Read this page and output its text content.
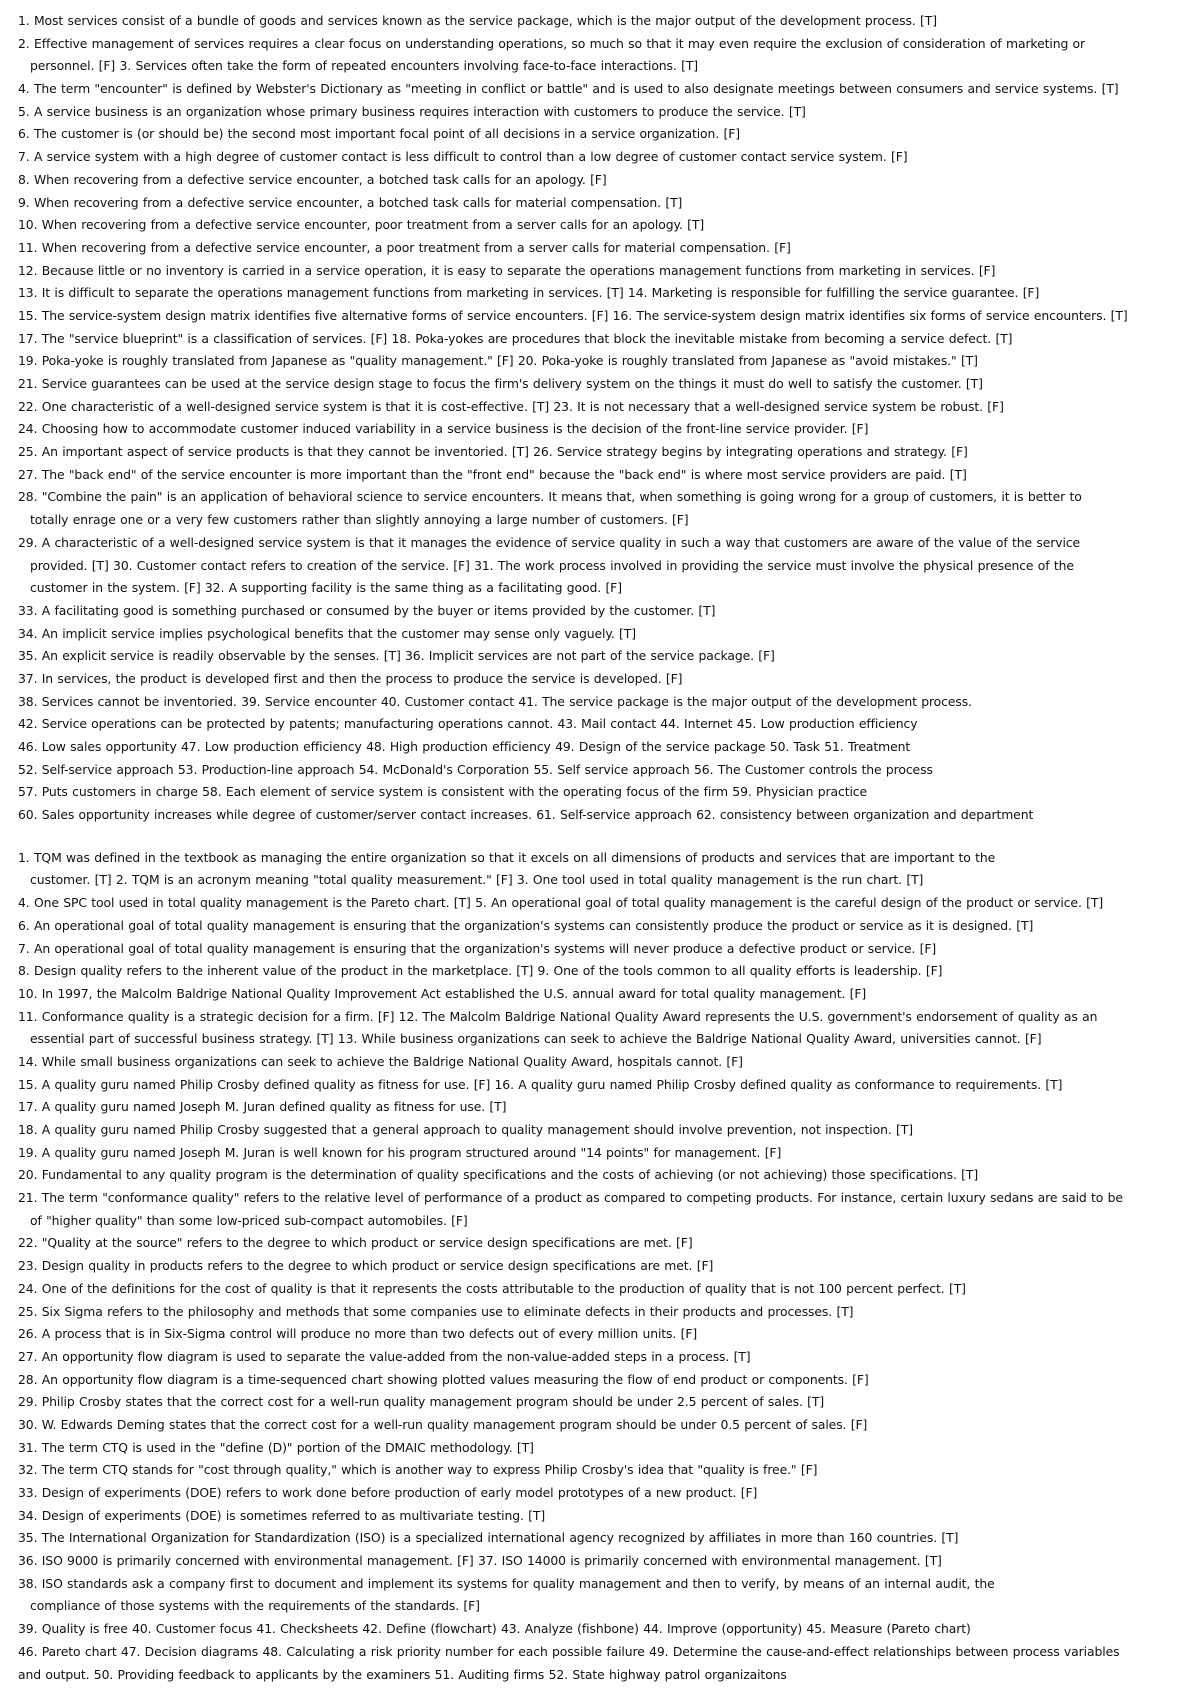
1. Most services consist of a bundle of goods and services known as the service package, which is the major output of the development process. [T]
2. Effective management of services requires a clear focus on understanding operations, so much so that it may even require the exclusion of consideration of marketing or
personnel. [F] 3. Services often take the form of repeated encounters involving face-to-face interactions. [T]
4. The term "encounter" is defined by Webster's Dictionary as "meeting in conflict or battle" and is used to also designate meetings between consumers and service systems. [T]
5. A service business is an organization whose primary business requires interaction with customers to produce the service. [T]
6. The customer is (or should be) the second most important focal point of all decisions in a service organization. [F]
7. A service system with a high degree of customer contact is less difficult to control than a low degree of customer contact service system. [F]
8. When recovering from a defective service encounter, a botched task calls for an apology. [F]
9. When recovering from a defective service encounter, a botched task calls for material compensation. [T]
10. When recovering from a defective service encounter, poor treatment from a server calls for an apology. [T]
11. When recovering from a defective service encounter, a poor treatment from a server calls for material compensation. [F]
12. Because little or no inventory is carried in a service operation, it is easy to separate the operations management functions from marketing in services. [F]
13. It is difficult to separate the operations management functions from marketing in services. [T] 14. Marketing is responsible for fulfilling the service guarantee. [F]
15. The service-system design matrix identifies five alternative forms of service encounters. [F] 16. The service-system design matrix identifies six forms of service encounters. [T]
17. The "service blueprint" is a classification of services. [F] 18. Poka-yokes are procedures that block the inevitable mistake from becoming a service defect. [T]
19. Poka-yoke is roughly translated from Japanese as "quality management." [F] 20. Poka-yoke is roughly translated from Japanese as "avoid mistakes." [T]
21. Service guarantees can be used at the service design stage to focus the firm's delivery system on the things it must do well to satisfy the customer. [T]
22. One characteristic of a well-designed service system is that it is cost-effective. [T] 23. It is not necessary that a well-designed service system be robust. [F]
24. Choosing how to accommodate customer induced variability in a service business is the decision of the front-line service provider. [F]
25. An important aspect of service products is that they cannot be inventoried. [T] 26. Service strategy begins by integrating operations and strategy. [F]
27. The "back end" of the service encounter is more important than the "front end" because the "back end" is where most service providers are paid. [T]
28. "Combine the pain" is an application of behavioral science to service encounters. It means that, when something is going wrong for a group of customers, it is better to
totally enrage one or a very few customers rather than slightly annoying a large number of customers. [F]
29. A characteristic of a well-designed service system is that it manages the evidence of service quality in such a way that customers are aware of the value of the service
provided. [T] 30. Customer contact refers to creation of the service. [F] 31. The work process involved in providing the service must involve the physical presence of the
customer in the system. [F] 32. A supporting facility is the same thing as a facilitating good. [F]
33. A facilitating good is something purchased or consumed by the buyer or items provided by the customer. [T]
34. An implicit service implies psychological benefits that the customer may sense only vaguely. [T]
35. An explicit service is readily observable by the senses. [T] 36. Implicit services are not part of the service package. [F]
37. In services, the product is developed first and then the process to produce the service is developed. [F]
38. Services cannot be inventoried. 39. Service encounter 40. Customer contact 41. The service package is the major output of the development process.
42. Service operations can be protected by patents; manufacturing operations cannot. 43. Mail contact 44. Internet 45. Low production efficiency
46. Low sales opportunity 47. Low production efficiency 48. High production efficiency 49. Design of the service package 50. Task 51. Treatment
52. Self-service approach 53. Production-line approach 54. McDonald's Corporation 55. Self service approach 56. The Customer controls the process
57. Puts customers in charge 58. Each element of service system is consistent with the operating focus of the firm 59. Physician practice
60. Sales opportunity increases while degree of customer/server contact increases. 61. Self-service approach 62. consistency between organization and department
1. TQM was defined in the textbook as managing the entire organization so that it excels on all dimensions of products and services that are important to the
customer. [T] 2. TQM is an acronym meaning "total quality measurement." [F] 3. One tool used in total quality management is the run chart. [T]
4. One SPC tool used in total quality management is the Pareto chart. [T] 5. An operational goal of total quality management is the careful design of the product or service. [T]
6. An operational goal of total quality management is ensuring that the organization's systems can consistently produce the product or service as it is designed. [T]
7. An operational goal of total quality management is ensuring that the organization's systems will never produce a defective product or service. [F]
8. Design quality refers to the inherent value of the product in the marketplace. [T] 9. One of the tools common to all quality efforts is leadership. [F]
10. In 1997, the Malcolm Baldrige National Quality Improvement Act established the U.S. annual award for total quality management. [F]
11. Conformance quality is a strategic decision for a firm. [F] 12. The Malcolm Baldrige National Quality Award represents the U.S. government's endorsement of quality as an
essential part of successful business strategy. [T] 13. While business organizations can seek to achieve the Baldrige National Quality Award, universities cannot. [F]
14. While small business organizations can seek to achieve the Baldrige National Quality Award, hospitals cannot. [F]
15. A quality guru named Philip Crosby defined quality as fitness for use. [F] 16. A quality guru named Philip Crosby defined quality as conformance to requirements. [T]
17. A quality guru named Joseph M. Juran defined quality as fitness for use. [T]
18. A quality guru named Philip Crosby suggested that a general approach to quality management should involve prevention, not inspection. [T]
19. A quality guru named Joseph M. Juran is well known for his program structured around "14 points" for management. [F]
20. Fundamental to any quality program is the determination of quality specifications and the costs of achieving (or not achieving) those specifications. [T]
21. The term "conformance quality" refers to the relative level of performance of a product as compared to competing products. For instance, certain luxury sedans are said to be
of "higher quality" than some low-priced sub-compact automobiles. [F]
22. "Quality at the source" refers to the degree to which product or service design specifications are met. [F]
23. Design quality in products refers to the degree to which product or service design specifications are met. [F]
24. One of the definitions for the cost of quality is that it represents the costs attributable to the production of quality that is not 100 percent perfect. [T]
25. Six Sigma refers to the philosophy and methods that some companies use to eliminate defects in their products and processes. [T]
26. A process that is in Six-Sigma control will produce no more than two defects out of every million units. [F]
27. An opportunity flow diagram is used to separate the value-added from the non-value-added steps in a process. [T]
28. An opportunity flow diagram is a time-sequenced chart showing plotted values measuring the flow of end product or components. [F]
29. Philip Crosby states that the correct cost for a well-run quality management program should be under 2.5 percent of sales. [T]
30. W. Edwards Deming states that the correct cost for a well-run quality management program should be under 0.5 percent of sales. [F]
31. The term CTQ is used in the "define (D)" portion of the DMAIC methodology. [T]
32. The term CTQ stands for "cost through quality," which is another way to express Philip Crosby's idea that "quality is free." [F]
33. Design of experiments (DOE) refers to work done before production of early model prototypes of a new product. [F]
34. Design of experiments (DOE) is sometimes referred to as multivariate testing. [T]
35. The International Organization for Standardization (ISO) is a specialized international agency recognized by affiliates in more than 160 countries. [T]
36. ISO 9000 is primarily concerned with environmental management. [F] 37. ISO 14000 is primarily concerned with environmental management. [T]
38. ISO standards ask a company first to document and implement its systems for quality management and then to verify, by means of an internal audit, the
compliance of those systems with the requirements of the standards. [F]
39. Quality is free 40. Customer focus 41. Checksheets 42. Define (flowchart) 43. Analyze (fishbone) 44. Improve (opportunity) 45. Measure (Pareto chart)
46. Pareto chart 47. Decision diagrams 48. Calculating a risk priority number for each possible failure 49. Determine the cause-and-effect relationships between process variables
and output. 50. Providing feedback to applicants by the examiners 51. Auditing firms 52. State highway patrol organizaitons
